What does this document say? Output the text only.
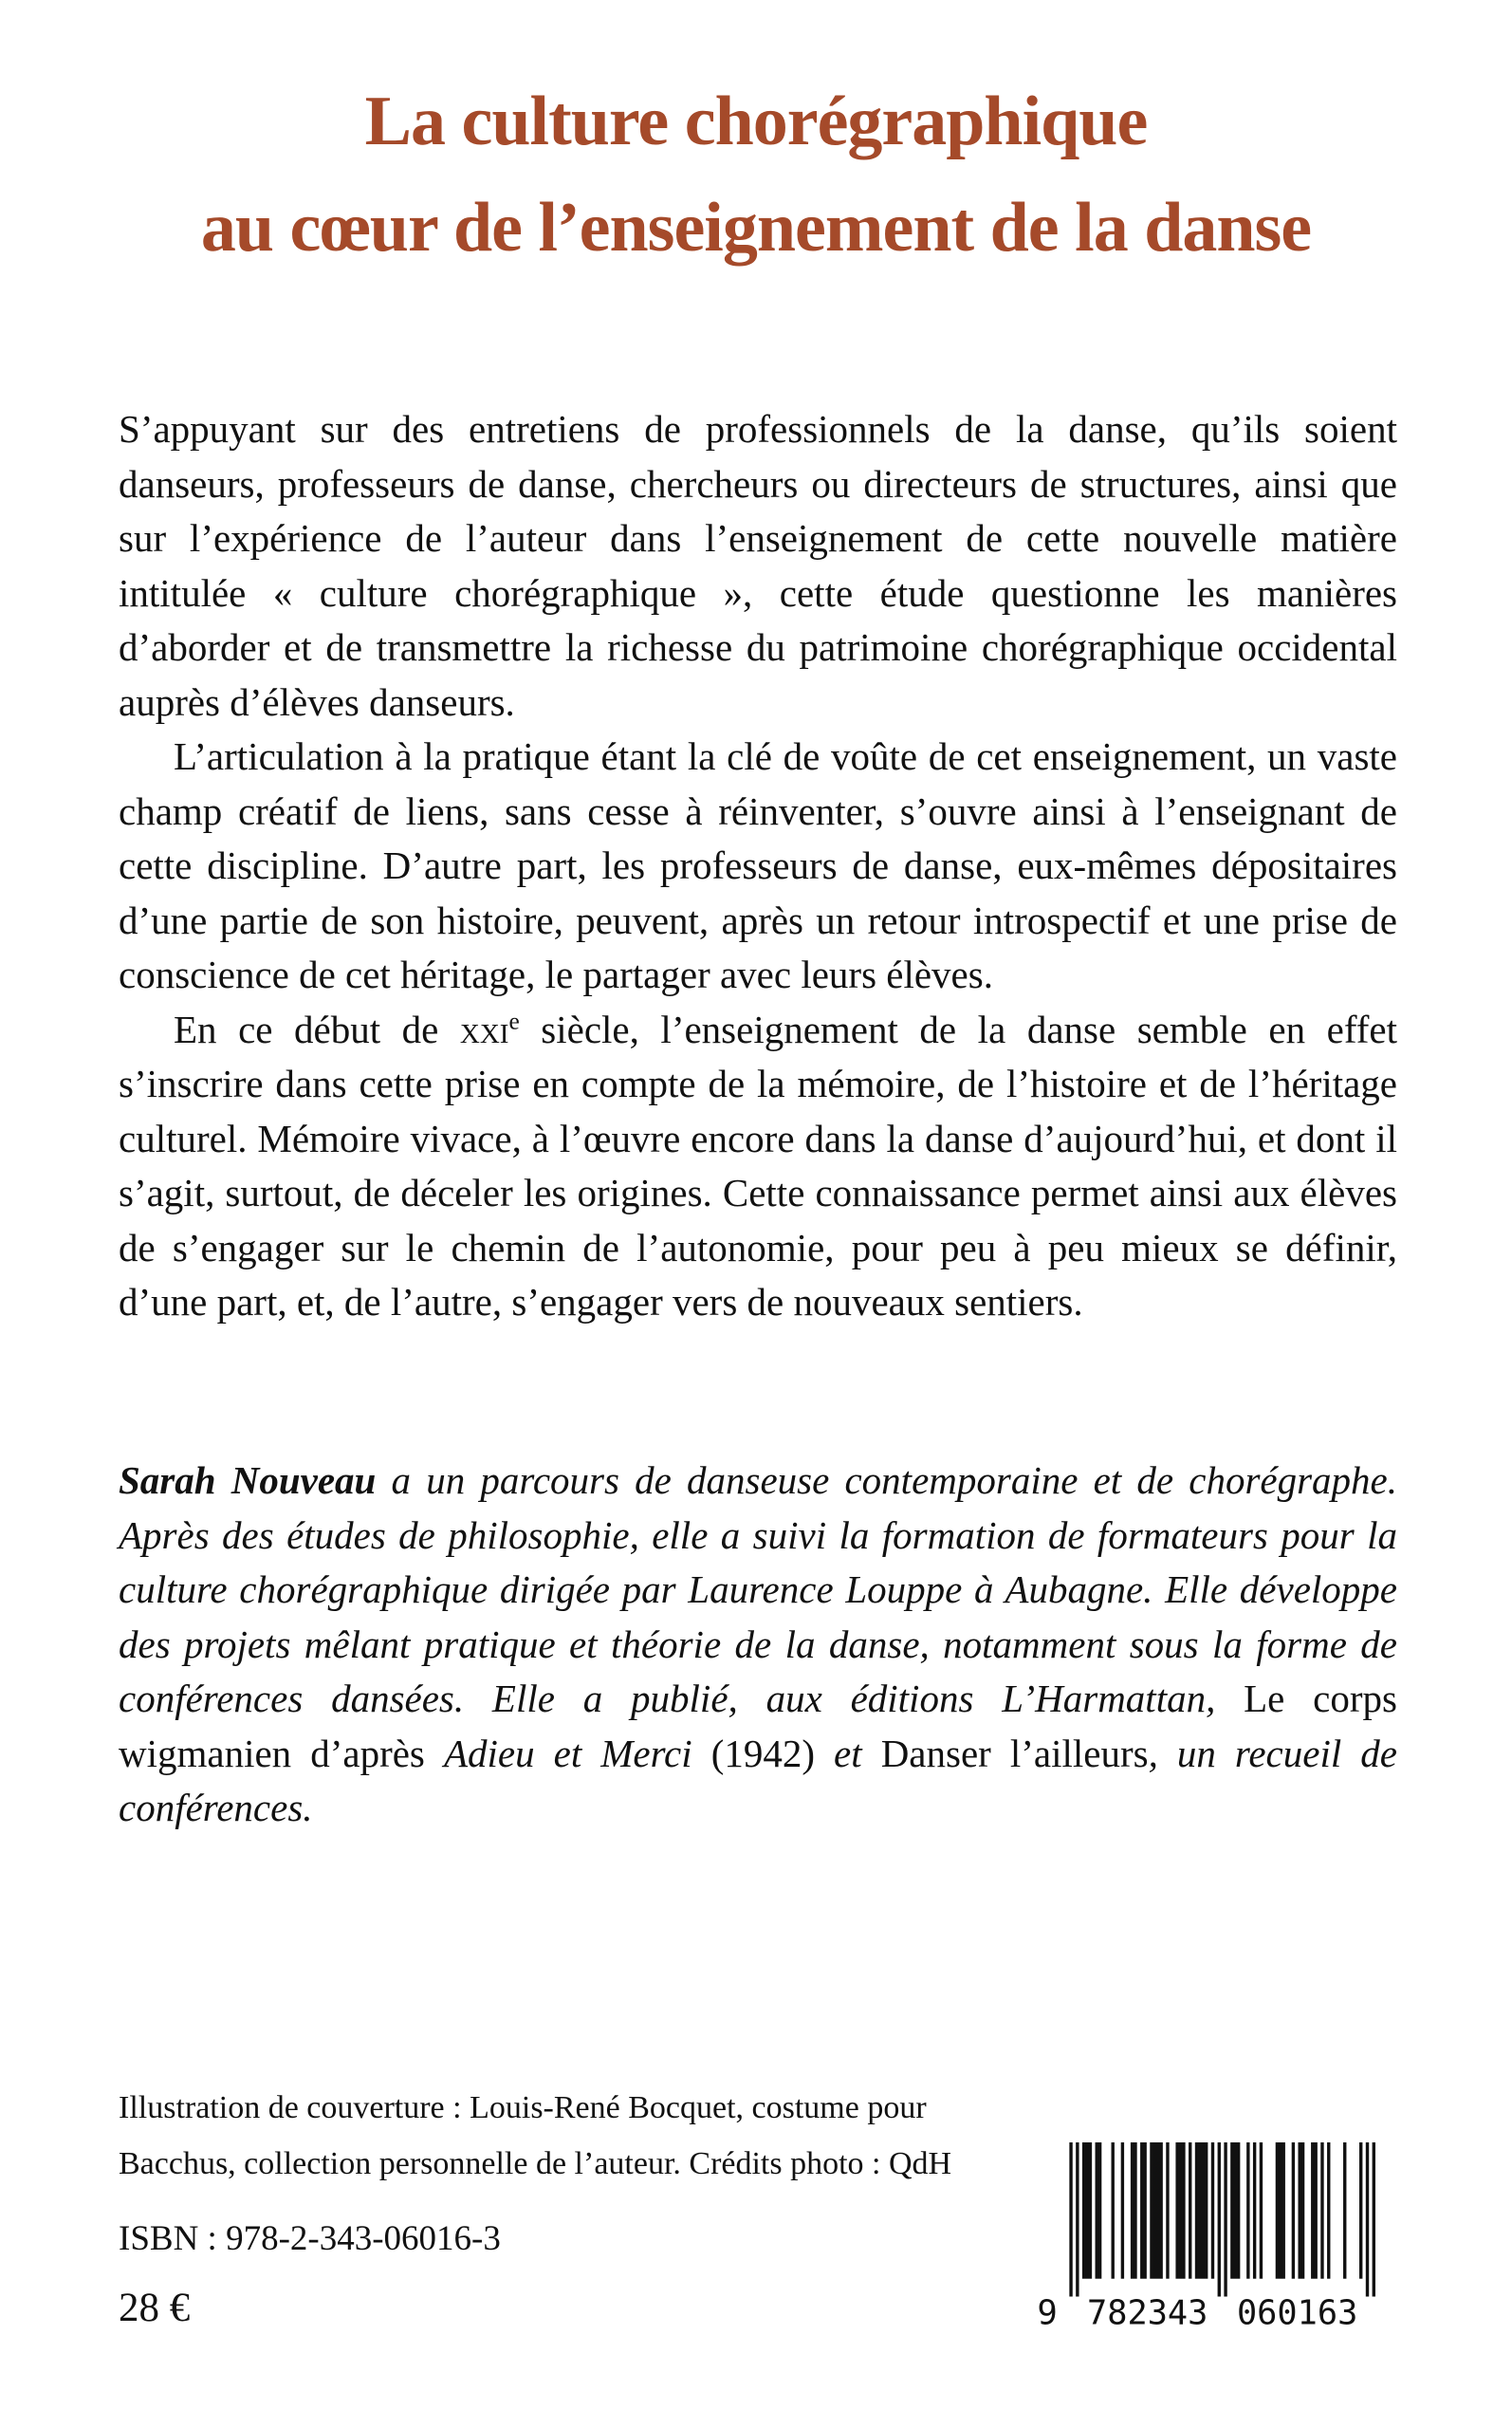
La culture chorégraphique
au cœur de l’enseignement de la danse

S’appuyant sur des entretiens de professionnels de la danse, qu’ils soient danseurs, professeurs de danse, chercheurs ou directeurs de structures, ainsi que sur l’expérience de l’auteur dans l’enseignement de cette nouvelle matière intitulée « culture chorégraphique », cette étude questionne les manières d’aborder et de transmettre la richesse du patrimoine chorégraphique occidental auprès d’élèves danseurs.

L’articulation à la pratique étant la clé de voûte de cet enseignement, un vaste champ créatif de liens, sans cesse à réinventer, s’ouvre ainsi à l’enseignant de cette discipline. D’autre part, les professeurs de danse, eux-mêmes dépositaires d’une partie de son histoire, peuvent, après un retour introspectif et une prise de conscience de cet héritage, le partager avec leurs élèves.

En ce début de xxi$^e$ siècle, l’enseignement de la danse semble en effet s’inscrire dans cette prise en compte de la mémoire, de l’histoire et de l’héritage culturel. Mémoire vivace, à l’œuvre encore dans la danse d’aujourd’hui, et dont il s’agit, surtout, de déceler les origines. Cette connaissance permet ainsi aux élèves de s’engager sur le chemin de l’autonomie, pour peu à peu mieux se définir, d’une part, et, de l’autre, s’engager vers de nouveaux sentiers.

Sarah Nouveau a un parcours de danseuse contemporaine et de chorégraphe. Après des études de philosophie, elle a suivi la formation de formateurs pour la culture chorégraphique dirigée par Laurence Louppe à Aubagne. Elle développe des projets mêlant pratique et théorie de la danse, notamment sous la forme de conférences dansées. Elle a publié, aux éditions L’Harmattan, Le corps wigmanien d’après Adieu et Merci (1942) et Danser l’ailleurs, un recueil de conférences.
Illustration de couverture : Louis-René Bocquet, costume pour
Bacchus, collection personnelle de l’auteur. Crédits photo : QdH
ISBN : 978-2-343-06016-3
28 €	9	782343	060163
